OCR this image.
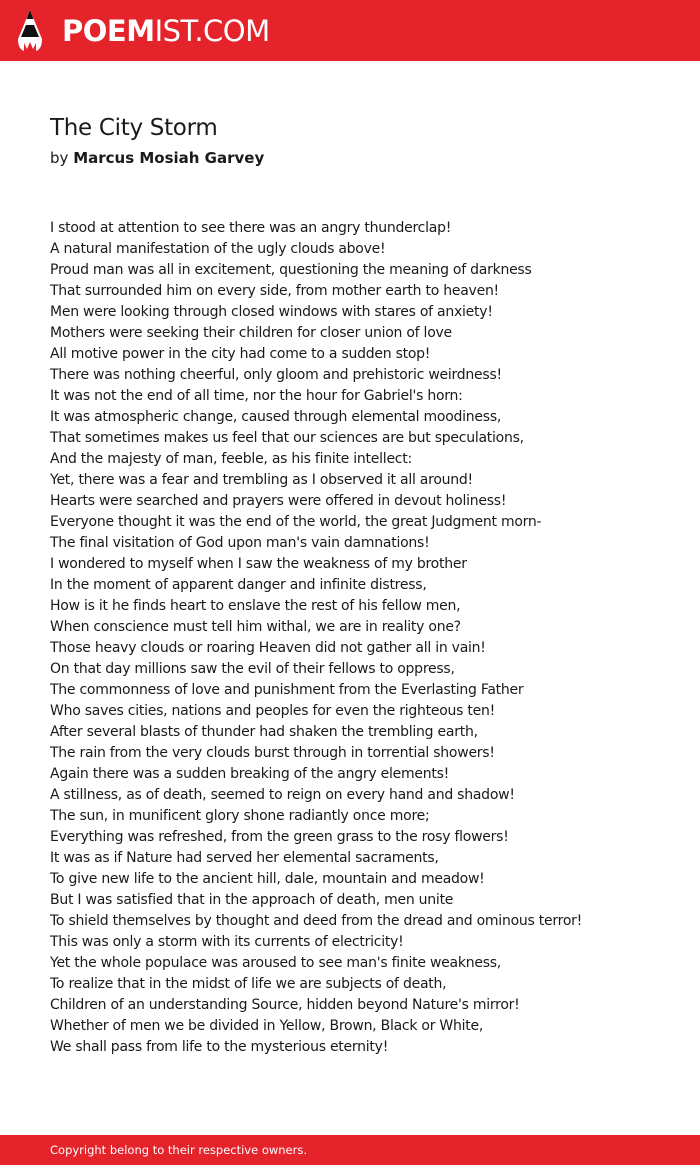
POEMIST.COM
The City Storm
by Marcus Mosiah Garvey
I stood at attention to see there was an angry thunderclap!
A natural manifestation of the ugly clouds above!
Proud man was all in excitement, questioning the meaning of darkness
That surrounded him on every side, from mother earth to heaven!
Men were looking through closed windows with stares of anxiety!
Mothers were seeking their children for closer union of love
All motive power in the city had come to a sudden stop!
There was nothing cheerful, only gloom and prehistoric weirdness!
It was not the end of all time, nor the hour for Gabriel's horn:
It was atmospheric change, caused through elemental moodiness,
That sometimes makes us feel that our sciences are but speculations,
And the majesty of man, feeble, as his finite intellect:
Yet, there was a fear and trembling as I observed it all around!
Hearts were searched and prayers were offered in devout holiness!
Everyone thought it was the end of the world, the great Judgment morn-
The final visitation of God upon man's vain damnations!
I wondered to myself when I saw the weakness of my brother
In the moment of apparent danger and infinite distress,
How is it he finds heart to enslave the rest of his fellow men,
When conscience must tell him withal, we are in reality one?
Those heavy clouds or roaring Heaven did not gather all in vain!
On that day millions saw the evil of their fellows to oppress,
The commonness of love and punishment from the Everlasting Father
Who saves cities, nations and peoples for even the righteous ten!
After several blasts of thunder had shaken the trembling earth,
The rain from the very clouds burst through in torrential showers!
Again there was a sudden breaking of the angry elements!
A stillness, as of death, seemed to reign on every hand and shadow!
The sun, in munificent glory shone radiantly once more;
Everything was refreshed, from the green grass to the rosy flowers!
It was as if Nature had served her elemental sacraments,
To give new life to the ancient hill, dale, mountain and meadow!
But I was satisfied that in the approach of death, men unite
To shield themselves by thought and deed from the dread and ominous terror!
This was only a storm with its currents of electricity!
Yet the whole populace was aroused to see man's finite weakness,
To realize that in the midst of life we are subjects of death,
Children of an understanding Source, hidden beyond Nature's mirror!
Whether of men we be divided in Yellow, Brown, Black or White,
We shall pass from life to the mysterious eternity!
Copyright belong to their respective owners.
